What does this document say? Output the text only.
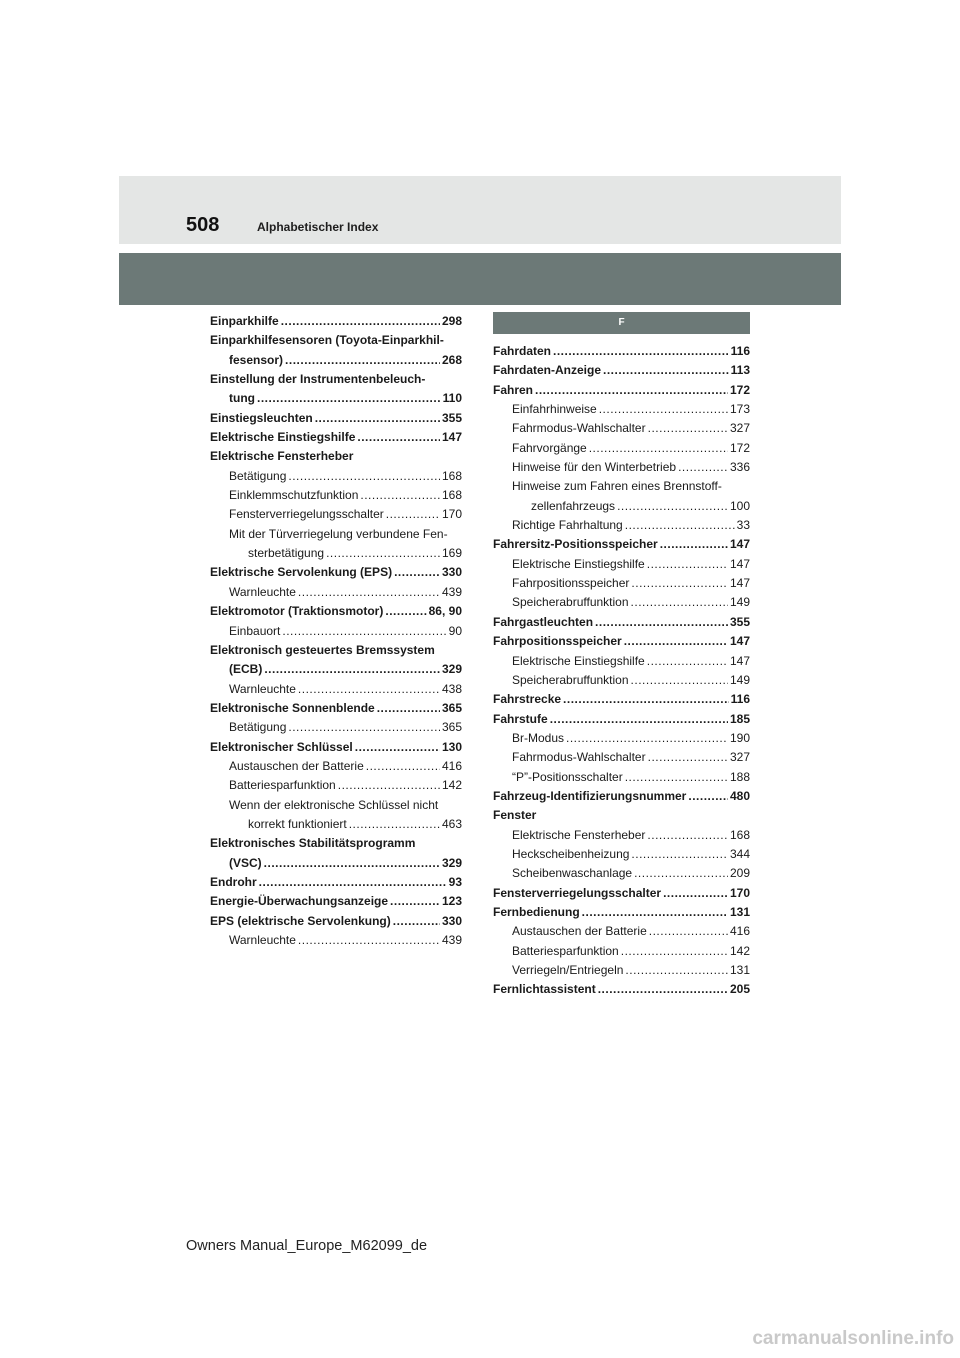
508	Alphabetischer Index
Einparkhilfe .....	298
Einparkhilfesensoren (Toyota-Einparkhil-
fesensor) .....	268
Einstellung der Instrumentenbeleuch-
tung .....	110
Einstiegsleuchten .....	355
Elektrische Einstiegshilfe .....	147
Elektrische Fensterheber
Betätigung .....	168
Einklemmschutzfunktion .....	168
Fensterverriegelungsschalter .....	170
Mit der Türverriegelung verbundene Fen-
sterbetätigung .....	169
Elektrische Servolenkung (EPS) .....	330
Warnleuchte .....	439
Elektromotor (Traktionsmotor) .....	86, 90
Einbauort .....	90
Elektronisch gesteuertes Bremssystem
(ECB) .....	329
Warnleuchte .....	438
Elektronische Sonnenblende .....	365
Betätigung .....	365
Elektronischer Schlüssel .....	130
Austauschen der Batterie .....	416
Batteriesparfunktion .....	142
Wenn der elektronische Schlüssel nicht
korrekt funktioniert .....	463
Elektronisches Stabilitätsprogramm
(VSC) .....	329
Endrohr .....	93
Energie-Überwachungsanzeige .....	123
EPS (elektrische Servolenkung) .....	330
Warnleuchte .....	439
F
Fahrdaten .....	116
Fahrdaten-Anzeige .....	113
Fahren .....	172
Einfahrhinweise .....	173
Fahrmodus-Wahlschalter .....	327
Fahrvorgänge .....	172
Hinweise für den Winterbetrieb .....	336
Hinweise zum Fahren eines Brennstoff-
zellenfahrzeugs .....	100
Richtige Fahrhaltung .....	33
Fahrersitz-Positionsspeicher .....	147
Elektrische Einstiegshilfe .....	147
Fahrpositionsspeicher .....	147
Speicherabruffunktion .....	149
Fahrgastleuchten .....	355
Fahrpositionsspeicher .....	147
Elektrische Einstiegshilfe .....	147
Speicherabruffunktion .....	149
Fahrstrecke .....	116
Fahrstufe .....	185
Br-Modus .....	190
Fahrmodus-Wahlschalter .....	327
“P”-Positionsschalter .....	188
Fahrzeug-Identifizierungsnummer .....	480
Fenster
Elektrische Fensterheber .....	168
Heckscheibenheizung .....	344
Scheibenwaschanlage .....	209
Fensterverriegelungsschalter .....	170
Fernbedienung .....	131
Austauschen der Batterie .....	416
Batteriesparfunktion .....	142
Verriegeln/Entriegeln .....	131
Fernlichtassistent .....	205
Owners Manual_Europe_M62099_de
carmanualsonline.info
